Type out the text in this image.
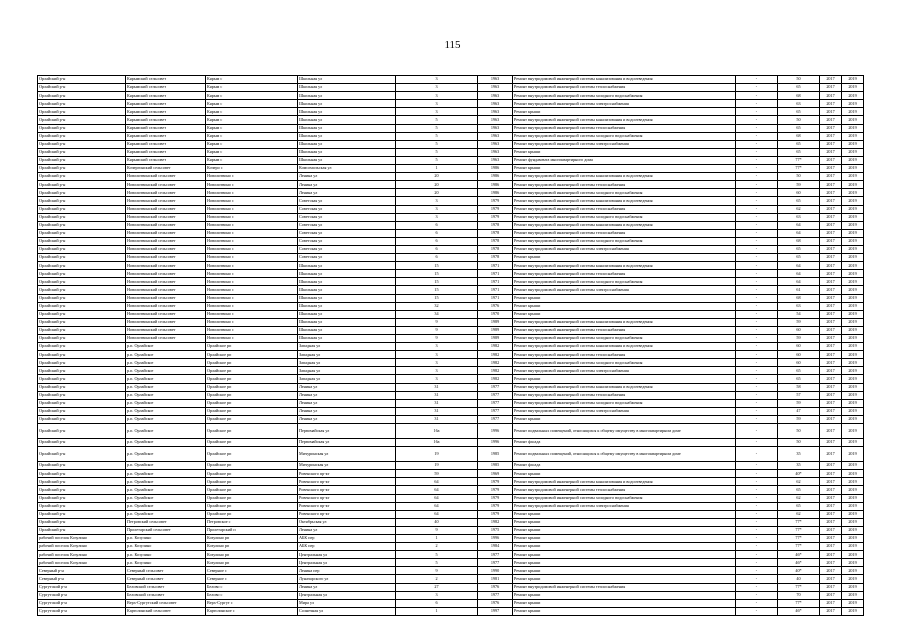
115
Орлайский р-н	Кярымский сельсовет	Кярым с	Школьная ул	3	1963	Ремонт внутридомовой инженерной системы канализования и водоотведения	-	50	2017	2019
Орлайский р-н	Кярымский сельсовет	Кярым с	Школьная ул	3	1963	Ремонт внутридомовой инженерной системы теплоснабжения	-	65	2017	2019
Орлайский р-н	Кярымский сельсовет	Кярым с	Школьная ул	3	1963	Ремонт внутридомовой инженерной системы холодного водоснабжения	-	68	2017	2019
Орлайский р-н	Кярымский сельсовет	Кярым с	Школьная ул	3	1963	Ремонт внутридомовой инженерной системы электроснабжения	-	63	2017	2019
Орлайский р-н	Кярымский сельсовет	Кярым с	Школьная ул	3	1963	Ремонт крыши	-	65	2017	2019
Орлайский р-н	Кярымский сельсовет	Кярым с	Школьная ул	5	1963	Ремонт внутридомовой инженерной системы канализования и водоотведения	-	50	2017	2019
Орлайский р-н	Кярымский сельсовет	Кярым с	Школьная ул	5	1963	Ремонт внутридомовой инженерной системы теплоснабжения	-	65	2017	2019
Орлайский р-н	Кярымский сельсовет	Кярым с	Школьная ул	5	1963	Ремонт внутридомовой инженерной системы холодного водоснабжения	-	68	2017	2019
Орлайский р-н	Кярымский сельсовет	Кярым с	Школьная ул	5	1963	Ремонт внутридомовой инженерной системы электроснабжения	-	65	2017	2019
Орлайский р-н	Кярымский сельсовет	Кярым с	Школьная ул	5	1963	Ремонт крыши	-	65	2017	2019
Орлайский р-н	Кярымский сельсовет	Кярым с	Школьная ул	5	1963	Ремонт фундамента многоквартирного дома	-	77*	2017	2019
Орлайский р-н	Кочергинский сельсовет	Кочеро с	Комсомольская ул	1	1986	Ремонт крыши	-	77*	2017	2019
Орлайский р-н	Новолитвинский сельсовет	Новолитвино с	Ленина ул	20	1986	Ремонт внутридомовой инженерной системы канализования и водоотведения	-	50	2017	2019
Орлайский р-н	Новолитвинский сельсовет	Новолитвино с	Ленина ул	20	1986	Ремонт внутридомовой инженерной системы теплоснабжения	-	59	2017	2019
Орлайский р-н	Новолитвинский сельсовет	Новолитвино с	Ленина ул	20	1986	Ремонт внутридомовой инженерной системы холодного водоснабжения	-	60	2017	2019
Орлайский р-н	Новолитвинский сельсовет	Новолитвино с	Советская ул	3	1979	Ремонт внутридомовой инженерной системы канализования и водоотведения	-	65	2017	2019
Орлайский р-н	Новолитвинский сельсовет	Новолитвино с	Советская ул	3	1979	Ремонт внутридомовой инженерной системы теплоснабжения	-	62	2017	2019
Орлайский р-н	Новолитвинский сельсовет	Новолитвино с	Советская ул	3	1979	Ремонт внутридомовой инженерной системы холодного водоснабжения	-	63	2017	2019
Орлайский р-н	Новолитвинский сельсовет	Новолитвино с	Советская ул	6	1978	Ремонт внутридомовой инженерной системы канализования и водоотведения	-	64	2017	2019
Орлайский р-н	Новолитвинский сельсовет	Новолитвино с	Советская ул	6	1978	Ремонт внутридомовой инженерной системы теплоснабжения	-	64	2017	2019
Орлайский р-н	Новолитвинский сельсовет	Новолитвино с	Советская ул	6	1978	Ремонт внутридомовой инженерной системы холодного водоснабжения	-	68	2017	2019
Орлайский р-н	Новолитвинский сельсовет	Новолитвино с	Советская ул	6	1978	Ремонт внутридомовой инженерной системы электроснабжения	-	65	2017	2019
Орлайский р-н	Новолитвинский сельсовет	Новолитвино с	Советская ул	6	1978	Ремонт крыши	-	65	2017	2019
Орлайский р-н	Новолитвинский сельсовет	Новолитвино с	Школьная ул	15	1971	Ремонт внутридомовой инженерной системы канализования и водоотведения	-	64	2017	2019
Орлайский р-н	Новолитвинский сельсовет	Новолитвино с	Школьная ул	15	1971	Ремонт внутридомовой инженерной системы теплоснабжения	-	64	2017	2019
Орлайский р-н	Новолитвинский сельсовет	Новолитвино с	Школьная ул	15	1971	Ремонт внутридомовой инженерной системы холодного водоснабжения	-	64	2017	2019
Орлайский р-н	Новолитвинский сельсовет	Новолитвино с	Школьная ул	15	1971	Ремонт внутридомовой инженерной системы электроснабжения	-	61	2017	2019
Орлайский р-н	Новолитвинский сельсовет	Новолитвино с	Школьная ул	15	1971	Ремонт крыши	-	68	2017	2019
Орлайский р-н	Новолитвинский сельсовет	Новолитвино с	Школьная ул	32	1976	Ремонт крыши	-	63	2017	2019
Орлайский р-н	Новолитвинский сельсовет	Новолитвино с	Школьная ул	34	1970	Ремонт крыши	-	54	2017	2019
Орлайский р-н	Новолитвинский сельсовет	Новолитвино с	Школьная ул	9	1989	Ремонт внутридомовой инженерной системы канализования и водоотведения	-	59	2017	2019
Орлайский р-н	Новолитвинский сельсовет	Новолитвино с	Школьная ул	9	1989	Ремонт внутридомовой инженерной системы теплоснабжения	-	60	2017	2019
Орлайский р-н	Новолитвинский сельсовет	Новолитвино с	Школьная ул	9	1989	Ремонт внутридомовой инженерной системы холодного водоснабжения	-	59	2017	2019
Орлайский р-н	р.п. Орлайское	Орлайское рп	Западная ул	3	1982	Ремонт внутридомовой инженерной системы канализования и водоотведения	-	60	2017	2019
Орлайский р-н	р.п. Орлайское	Орлайское рп	Западная ул	3	1982	Ремонт внутридомовой инженерной системы теплоснабжения	-	60	2017	2019
Орлайский р-н	р.п. Орлайское	Орлайское рп	Западная ул	3	1982	Ремонт внутридомовой инженерной системы холодного водоснабжения	-	60	2017	2019
Орлайский р-н	р.п. Орлайское	Орлайское рп	Западная ул	3	1982	Ремонт внутридомовой инженерной системы электроснабжения	-	65	2017	2019
Орлайский р-н	р.п. Орлайское	Орлайское рп	Западная ул	3	1982	Ремонт крыши	-	65	2017	2019
Орлайский р-н	р.п. Орлайское	Орлайское рп	Ленина ул	31	1977	Ремонт внутридомовой инженерной системы канализования и водоотведения	-	58	2017	2019
Орлайский р-н	р.п. Орлайское	Орлайское рп	Ленина ул	31	1977	Ремонт внутридомовой инженерной системы теплоснабжения	-	57	2017	2019
Орлайский р-н	р.п. Орлайское	Орлайское рп	Ленина ул	31	1977	Ремонт внутридомовой инженерной системы холодного водоснабжения	-	59	2017	2019
Орлайский р-н	р.п. Орлайское	Орлайское рп	Ленина ул	31	1977	Ремонт внутридомовой инженерной системы электроснабжения	-	47	2017	2019
Орлайский р-н	р.п. Орлайское	Орлайское рп	Ленина ул	31	1977	Ремонт крыши	-	59	2017	2019
Орлайский р-н	р.п. Орлайское	Орлайское рп	Первомайская ул	16а	1996	Ремонт подвальных помещений, относящихся к общему имуществу в многоквартирном доме	-	50	2017	2019
Орлайский р-н	р.п. Орлайское	Орлайское рп	Первомайская ул	16а	1996	Ремонт фасада	-	50	2017	2019
Орлайский р-н	р.п. Орлайское	Орлайское рп	Мичуринская ул	19	1985	Ремонт подвальных помещений, относящихся к общему имуществу в многоквартирном доме	-	35	2017	2019
Орлайский р-н	р.п. Орлайское	Орлайское рп	Мичуринская ул	19	1985	Ремонт фасада	-	35	2017	2019
Орлайский р-н	р.п. Орлайское	Орлайское рп	Ровенского пр-кт	59	1969	Ремонт крыши	-	40*	2017	2019
Орлайский р-н	р.п. Орлайское	Орлайское рп	Ровенского пр-кт	64	1979	Ремонт внутридомовой инженерной системы канализования и водоотведения	-	62	2017	2019
Орлайский р-н	р.п. Орлайское	Орлайское рп	Ровенского пр-кт	64	1979	Ремонт внутридомовой инженерной системы теплоснабжения	-	65	2017	2019
Орлайский р-н	р.п. Орлайское	Орлайское рп	Ровенского пр-кт	64	1979	Ремонт внутридомовой инженерной системы холодного водоснабжения	-	62	2017	2019
Орлайский р-н	р.п. Орлайское	Орлайское рп	Ровенского пр-кт	64	1979	Ремонт внутридомовой инженерной системы электроснабжения	-	65	2017	2019
Орлайский р-н	р.п. Орлайское	Орлайское рп	Ровенского пр-кт	64	1979	Ремонт крыши	-	62	2017	2019
Орлайский р-н	Петровский сельсовет	Петровское с	Октябрьская ул	40	1982	Ремонт крыши	-	77*	2017	2019
Орлайский р-н	Пролетарский сельсовет	Пролетарский п	Ленина ул	9	1975	Ремонт крыши	-	77*	2017	2019
рабочий поселок Козулино	р.п. Козулино	Козулино рп	АБК пер	1	1996	Ремонт крыши	-	77*	2017	2019
рабочий поселок Козулино	р.п. Козулино	Козулино рп	АБК пер	2	1984	Ремонт крыши	-	77*	2017	2019
рабочий поселок Козулино	р.п. Козулино	Козулино рп	Центральная ул	5	1977	Ремонт крыши	-	46*	2017	2019
рабочий поселок Козулино	р.п. Козулино	Козулино рп	Центральная ул	5	1977	Ремонт крыши	-	46*	2017	2019
Северный р-н	Северный сельсовет	Северное с	Ленина пер	9	1990	Ремонт крыши	-	40*	2017	2019
Северный р-н	Северный сельсовет	Северное с	Луначарского ул	2	1981	Ремонт крыши	-	40	2017	2019
Сургутский р-н	Беловский сельсовет	Белово с	Ленина ул	27	1976	Ремонт внутридомовой инженерной системы теплоснабжения	-	77*	2017	2019
Сургутский р-н	Беловский сельсовет	Белово с	Центральная ул	3	1977	Ремонт крыши	-	70	2017	2019
Сургутский р-н	Верх-Сургутский сельсовет	Верх-Сургут с	Мира ул	6	1976	Ремонт крыши	-	77*	2017	2019
Сургутский р-н	Картолинский сельсовет	Картолинское с	Солнечная ул	1	1997	Ремонт крыши	-	46*	2017	2019
